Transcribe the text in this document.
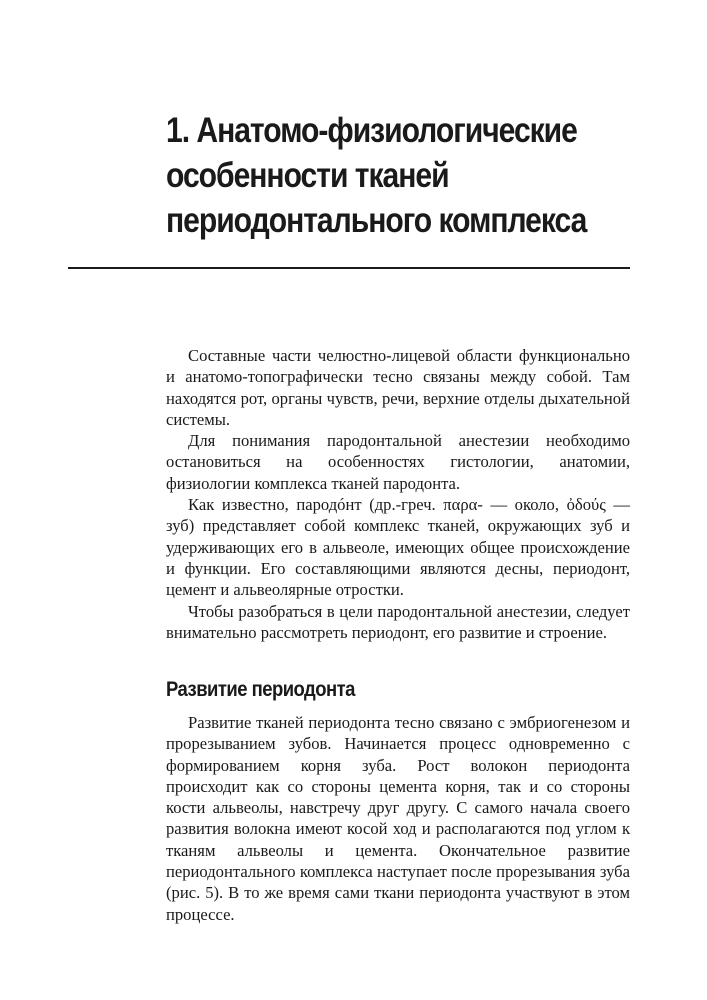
1. Анатомо-физиологические
особенности тканей
периодонтального комплекса

Составные части челюстно-лицевой области функционально и анатомо-топографически тесно связаны между собой. Там находятся рот, органы чувств, речи, верхние отделы дыхательной системы.

Для понимания пародонтальной анестезии необходимо остановиться на особенностях гистологии, анатомии, физиологии комплекса тканей пародонта.

Как известно, пародóнт (др.-греч. παρα- — около, ὀδούς — зуб) представляет собой комплекс тканей, окружающих зуб и удерживающих его в альвеоле, имеющих общее происхождение и функции. Его составляющими являются десны, периодонт, цемент и альвеолярные отростки.

Чтобы разобраться в цели пародонтальной анестезии, следует внимательно рассмотреть периодонт, его развитие и строение.

Развитие периодонта

Развитие тканей периодонта тесно связано с эмбриогенезом и прорезыванием зубов. Начинается процесс одновременно с формированием корня зуба. Рост волокон периодонта происходит как со стороны цемента корня, так и со стороны кости альвеолы, навстречу друг другу. С самого начала своего развития волокна имеют косой ход и располагаются под углом к тканям альвеолы и цемента. Окончательное развитие периодонтального комплекса наступает после прорезывания зуба (рис. 5). В то же время сами ткани периодонта участвуют в этом процессе.
